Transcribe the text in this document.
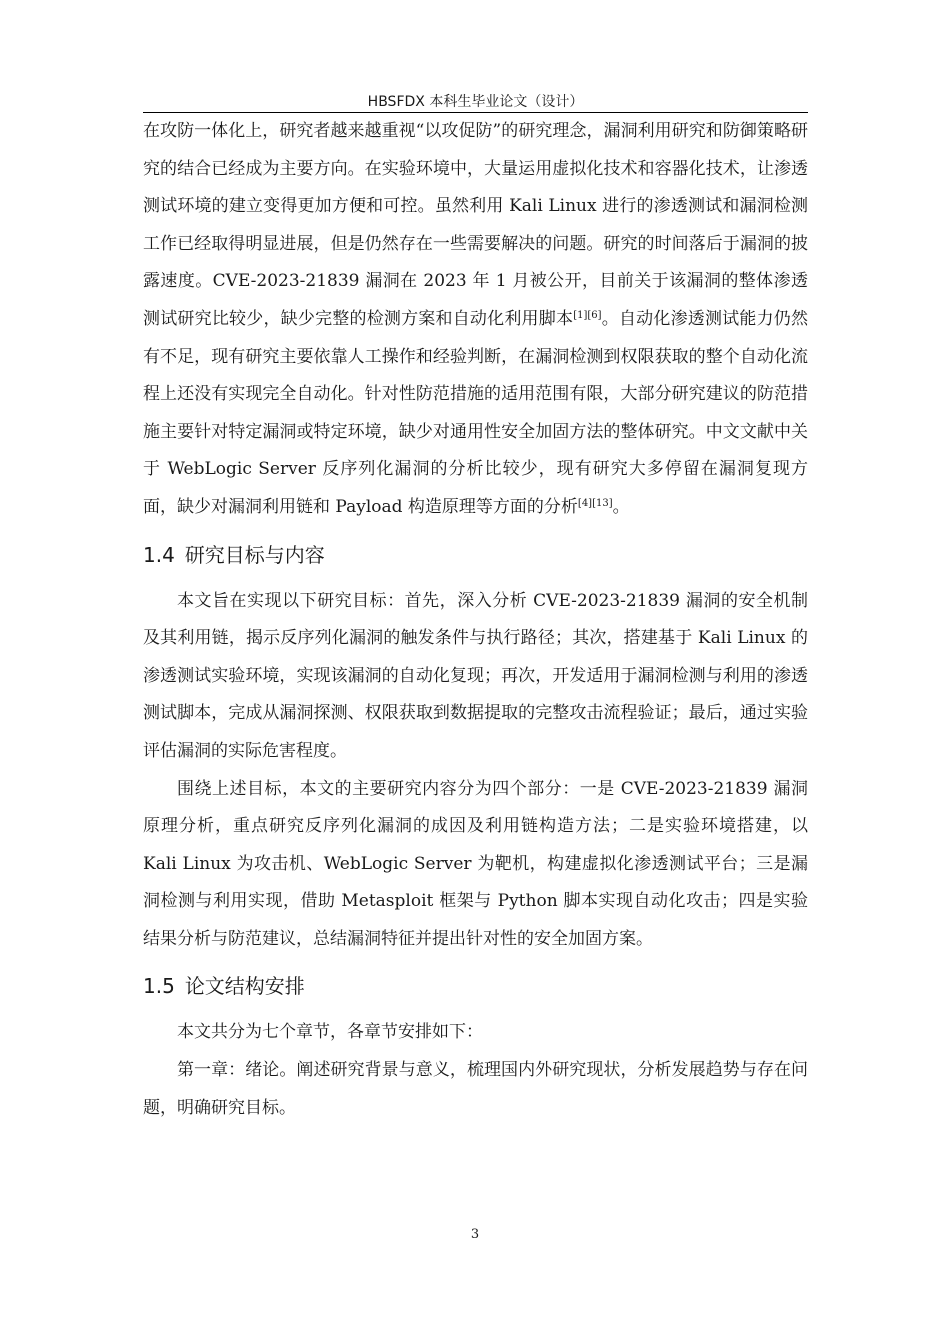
HBSFDX 本科生毕业论文（设计）

在攻防一体化上，研究者越来越重视“以攻促防”的研究理念，漏洞利用研究和防御策略研究的结合已经成为主要方向。在实验环境中，大量运用虚拟化技术和容器化技术，让渗透测试环境的建立变得更加方便和可控。虽然利用 Kali Linux 进行的渗透测试和漏洞检测工作已经取得明显进展，但是仍然存在一些需要解决的问题。研究的时间落后于漏洞的披露速度。CVE-2023-21839 漏洞在 2023 年 1 月被公开，目前关于该漏洞的整体渗透测试研究比较少，缺少完整的检测方案和自动化利用脚本[1][6]。自动化渗透测试能力仍然有不足，现有研究主要依靠人工操作和经验判断，在漏洞检测到权限获取的整个自动化流程上还没有实现完全自动化。针对性防范措施的适用范围有限，大部分研究建议的防范措施主要针对特定漏洞或特定环境，缺少对通用性安全加固方法的整体研究。中文文献中关于 WebLogic Server 反序列化漏洞的分析比较少，现有研究大多停留在漏洞复现方面，缺少对漏洞利用链和 Payload 构造原理等方面的分析[4][13]。

1.4 研究目标与内容

本文旨在实现以下研究目标：首先，深入分析 CVE-2023-21839 漏洞的安全机制及其利用链，揭示反序列化漏洞的触发条件与执行路径；其次，搭建基于 Kali Linux 的渗透测试实验环境，实现该漏洞的自动化复现；再次，开发适用于漏洞检测与利用的渗透测试脚本，完成从漏洞探测、权限获取到数据提取的完整攻击流程验证；最后，通过实验评估漏洞的实际危害程度。

围绕上述目标，本文的主要研究内容分为四个部分：一是 CVE-2023-21839 漏洞原理分析，重点研究反序列化漏洞的成因及利用链构造方法；二是实验环境搭建，以 Kali Linux 为攻击机、WebLogic Server 为靶机，构建虚拟化渗透测试平台；三是漏洞检测与利用实现，借助 Metasploit 框架与 Python 脚本实现自动化攻击；四是实验结果分析与防范建议，总结漏洞特征并提出针对性的安全加固方案。

1.5 论文结构安排

本文共分为七个章节，各章节安排如下：

第一章：绪论。阐述研究背景与意义，梳理国内外研究现状，分析发展趋势与存在问题，明确研究目标。

3
